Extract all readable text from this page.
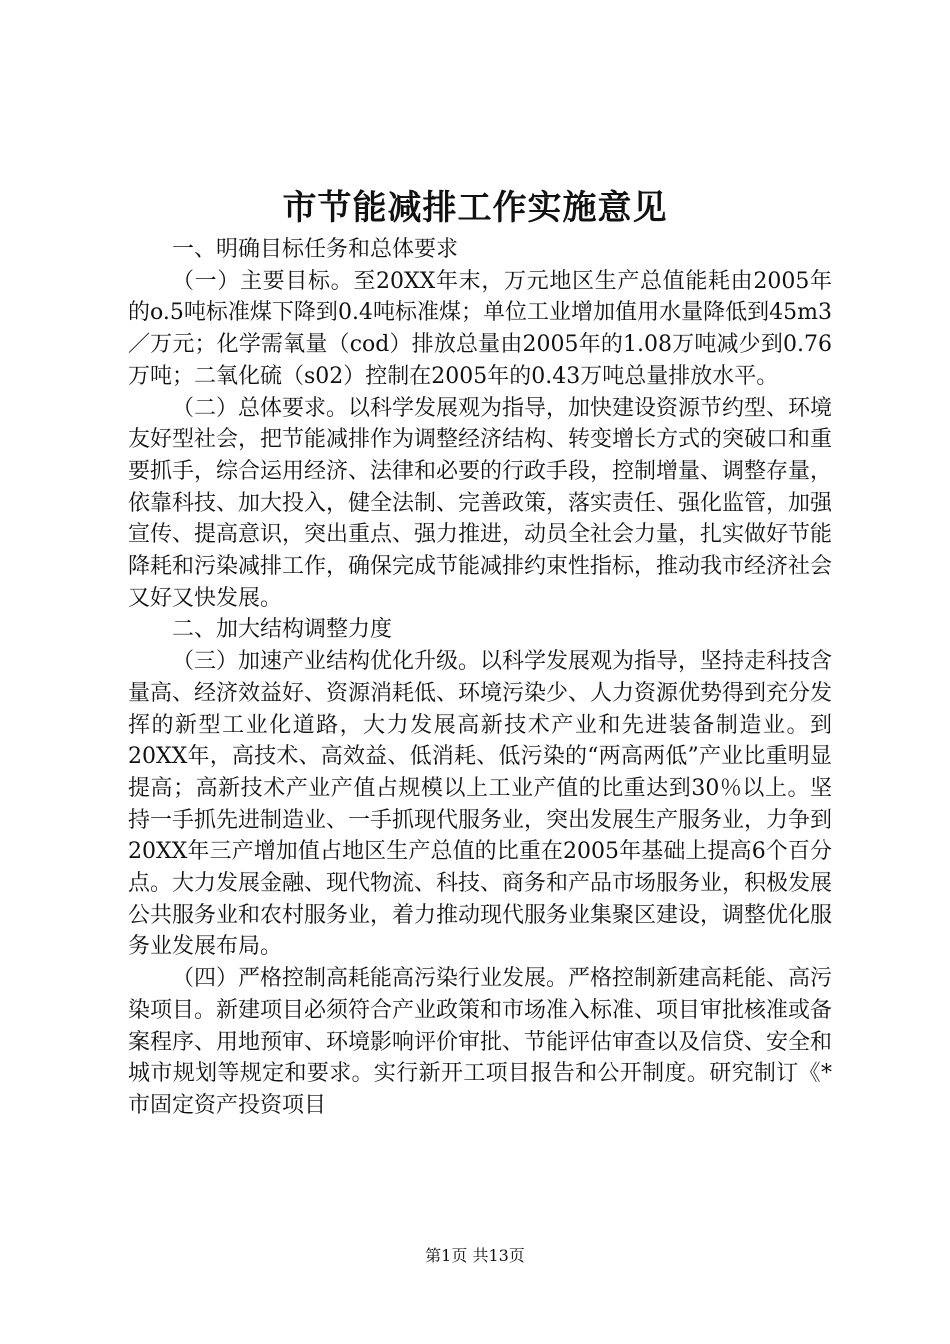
市节能减排工作实施意见

一、明确目标任务和总体要求

（一）主要目标。至20XX年末，万元地区生产总值能耗由2005年的o.5吨标准煤下降到0.4吨标准煤；单位工业增加值用水量降低到45m3／万元；化学需氧量（cod）排放总量由2005年的1.08万吨减少到0.76万吨；二氧化硫（s02）控制在2005年的0.43万吨总量排放水平。

（二）总体要求。以科学发展观为指导，加快建设资源节约型、环境友好型社会，把节能减排作为调整经济结构、转变增长方式的突破口和重要抓手，综合运用经济、法律和必要的行政手段，控制增量、调整存量，依靠科技、加大投入，健全法制、完善政策，落实责任、强化监管，加强宣传、提高意识，突出重点、强力推进，动员全社会力量，扎实做好节能降耗和污染减排工作，确保完成节能减排约束性指标，推动我市经济社会又好又快发展。

二、加大结构调整力度

（三）加速产业结构优化升级。以科学发展观为指导，坚持走科技含量高、经济效益好、资源消耗低、环境污染少、人力资源优势得到充分发挥的新型工业化道路，大力发展高新技术产业和先进装备制造业。到20XX年，高技术、高效益、低消耗、低污染的“两高两低”产业比重明显提高；高新技术产业产值占规模以上工业产值的比重达到30％以上。坚持一手抓先进制造业、一手抓现代服务业，突出发展生产服务业，力争到20XX年三产增加值占地区生产总值的比重在2005年基础上提高6个百分点。大力发展金融、现代物流、科技、商务和产品市场服务业，积极发展公共服务业和农村服务业，着力推动现代服务业集聚区建设，调整优化服务业发展布局。

（四）严格控制高耗能高污染行业发展。严格控制新建高耗能、高污染项目。新建项目必须符合产业政策和市场准入标准、项目审批核准或备案程序、用地预审、环境影响评价审批、节能评估审查以及信贷、安全和城市规划等规定和要求。实行新开工项目报告和公开制度。研究制订《*市固定资产投资项目

第1页 共13页
